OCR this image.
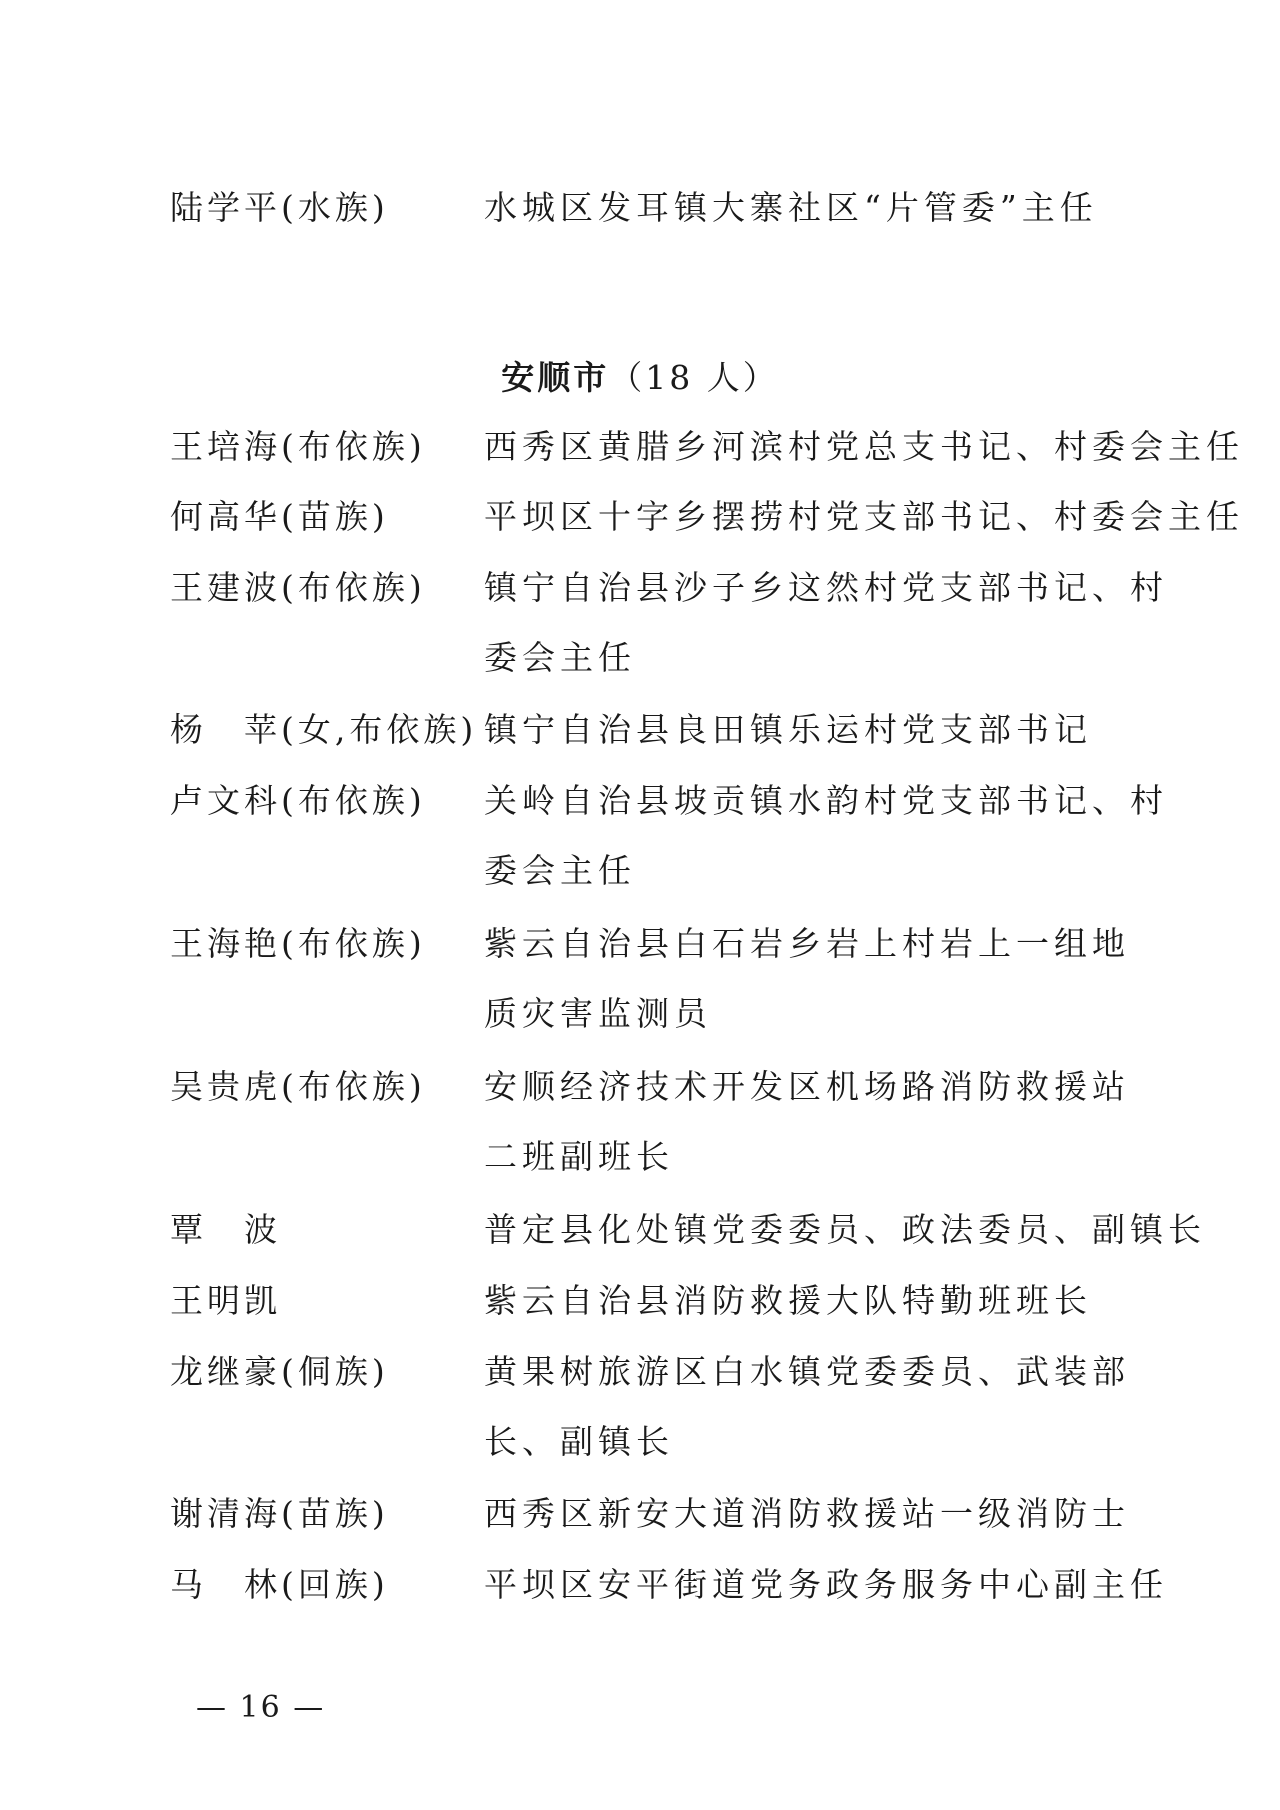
陆学平(水族)	水城区发耳镇大寨社区“片管委”主任
安顺市（18 人）
王培海(布依族)	西秀区黄腊乡河滨村党总支书记、村委会主任
何高华(苗族)	平坝区十字乡摆捞村党支部书记、村委会主任
王建波(布依族)	镇宁自治县沙子乡这然村党支部书记、村
委会主任
杨　苹(女,布依族) 镇宁自治县良田镇乐运村党支部书记
卢文科(布依族)	关岭自治县坡贡镇水韵村党支部书记、村
委会主任
王海艳(布依族)	紫云自治县白石岩乡岩上村岩上一组地
质灾害监测员
吴贵虎(布依族)	安顺经济技术开发区机场路消防救援站
二班副班长
覃　波	普定县化处镇党委委员、政法委员、副镇长
王明凯	紫云自治县消防救援大队特勤班班长
龙继豪(侗族)	黄果树旅游区白水镇党委委员、武装部
长、副镇长
谢清海(苗族)	西秀区新安大道消防救援站一级消防士
马　林(回族)	平坝区安平街道党务政务服务中心副主任
— 16 —
